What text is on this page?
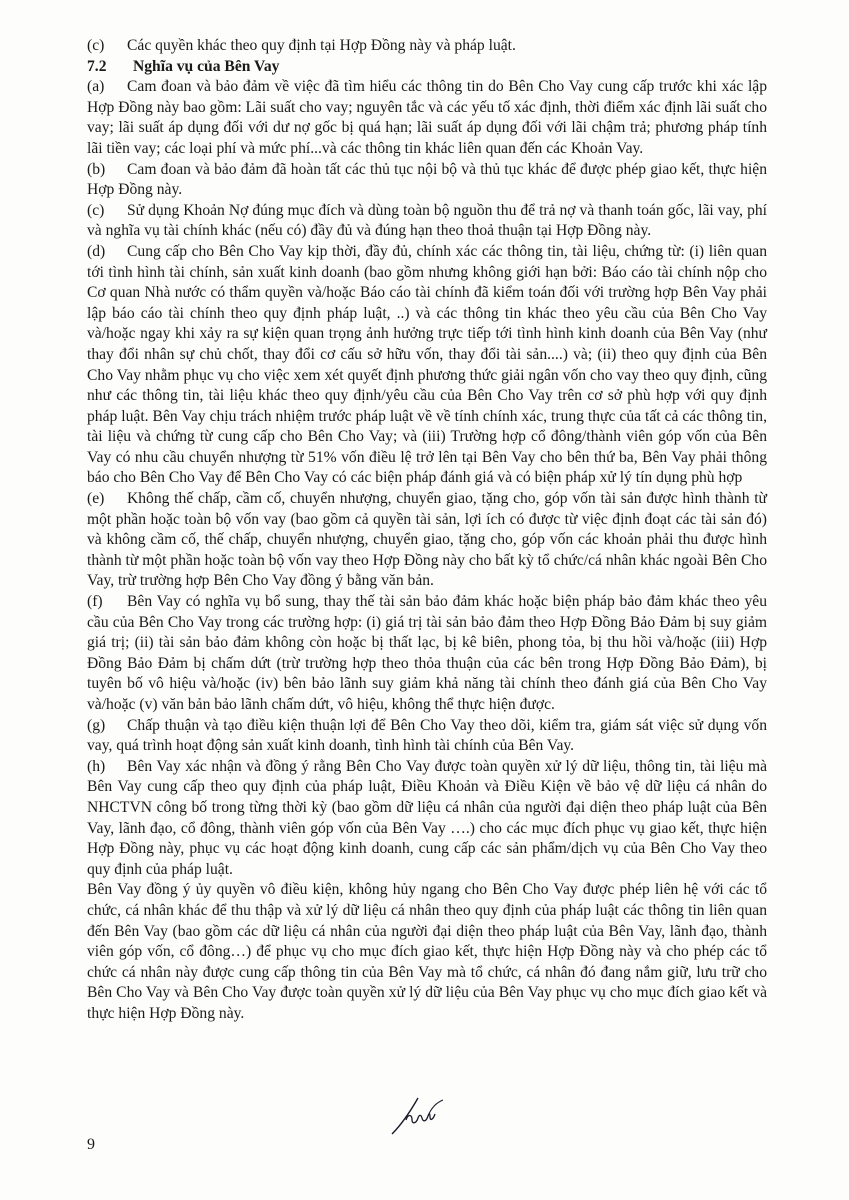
(c) Các quyền khác theo quy định tại Hợp Đồng này và pháp luật.

7.2 Nghĩa vụ của Bên Vay

(a) Cam đoan và bảo đảm về việc đã tìm hiểu các thông tin do Bên Cho Vay cung cấp trước khi xác lập Hợp Đồng này bao gồm: Lãi suất cho vay; nguyên tắc và các yếu tố xác định, thời điểm xác định lãi suất cho vay; lãi suất áp dụng đối với dư nợ gốc bị quá hạn; lãi suất áp dụng đối với lãi chậm trả; phương pháp tính lãi tiền vay; các loại phí và mức phí...và các thông tin khác liên quan đến các Khoản Vay.

(b) Cam đoan và bảo đảm đã hoàn tất các thủ tục nội bộ và thủ tục khác để được phép giao kết, thực hiện Hợp Đồng này.

(c) Sử dụng Khoản Nợ đúng mục đích và dùng toàn bộ nguồn thu để trả nợ và thanh toán gốc, lãi vay, phí và nghĩa vụ tài chính khác (nếu có) đầy đủ và đúng hạn theo thoả thuận tại Hợp Đồng này.

(d) Cung cấp cho Bên Cho Vay kịp thời, đầy đủ, chính xác các thông tin, tài liệu, chứng từ: (i) liên quan tới tình hình tài chính, sản xuất kinh doanh (bao gồm nhưng không giới hạn bởi: Báo cáo tài chính nộp cho Cơ quan Nhà nước có thẩm quyền và/hoặc Báo cáo tài chính đã kiểm toán đối với trường hợp Bên Vay phải lập báo cáo tài chính theo quy định pháp luật, ..) và các thông tin khác theo yêu cầu của Bên Cho Vay và/hoặc ngay khi xảy ra sự kiện quan trọng ảnh hưởng trực tiếp tới tình hình kinh doanh của Bên Vay (như thay đổi nhân sự chủ chốt, thay đổi cơ cấu sở hữu vốn, thay đổi tài sản....) và; (ii) theo quy định của Bên Cho Vay nhằm phục vụ cho việc xem xét quyết định phương thức giải ngân vốn cho vay theo quy định, cũng như các thông tin, tài liệu khác theo quy định/yêu cầu của Bên Cho Vay trên cơ sở phù hợp với quy định pháp luật. Bên Vay chịu trách nhiệm trước pháp luật về về tính chính xác, trung thực của tất cả các thông tin, tài liệu và chứng từ cung cấp cho Bên Cho Vay; và (iii) Trường hợp cổ đông/thành viên góp vốn của Bên Vay có nhu cầu chuyển nhượng từ 51% vốn điều lệ trở lên tại Bên Vay cho bên thứ ba, Bên Vay phải thông báo cho Bên Cho Vay để Bên Cho Vay có các biện pháp đánh giá và có biện pháp xử lý tín dụng phù hợp

(e) Không thế chấp, cầm cố, chuyển nhượng, chuyển giao, tặng cho, góp vốn tài sản được hình thành từ một phần hoặc toàn bộ vốn vay (bao gồm cả quyền tài sản, lợi ích có được từ việc định đoạt các tài sản đó) và không cầm cố, thế chấp, chuyển nhượng, chuyển giao, tặng cho, góp vốn các khoản phải thu được hình thành từ một phần hoặc toàn bộ vốn vay theo Hợp Đồng này cho bất kỳ tổ chức/cá nhân khác ngoài Bên Cho Vay, trừ trường hợp Bên Cho Vay đồng ý bằng văn bản.

(f) Bên Vay có nghĩa vụ bổ sung, thay thế tài sản bảo đảm khác hoặc biện pháp bảo đảm khác theo yêu cầu của Bên Cho Vay trong các trường hợp: (i) giá trị tài sản bảo đảm theo Hợp Đồng Bảo Đảm bị suy giảm giá trị; (ii) tài sản bảo đảm không còn hoặc bị thất lạc, bị kê biên, phong tỏa, bị thu hồi và/hoặc (iii) Hợp Đồng Bảo Đảm bị chấm dứt (trừ trường hợp theo thỏa thuận của các bên trong Hợp Đồng Bảo Đảm), bị tuyên bố vô hiệu và/hoặc (iv) bên bảo lãnh suy giảm khả năng tài chính theo đánh giá của Bên Cho Vay và/hoặc (v) văn bản bảo lãnh chấm dứt, vô hiệu, không thể thực hiện được.

(g) Chấp thuận và tạo điều kiện thuận lợi để Bên Cho Vay theo dõi, kiểm tra, giám sát việc sử dụng vốn vay, quá trình hoạt động sản xuất kinh doanh, tình hình tài chính của Bên Vay.

(h) Bên Vay xác nhận và đồng ý rằng Bên Cho Vay được toàn quyền xử lý dữ liệu, thông tin, tài liệu mà Bên Vay cung cấp theo quy định của pháp luật, Điều Khoản và Điều Kiện về bảo vệ dữ liệu cá nhân do NHCTVN công bố trong từng thời kỳ (bao gồm dữ liệu cá nhân của người đại diện theo pháp luật của Bên Vay, lãnh đạo, cổ đông, thành viên góp vốn của Bên Vay ….) cho các mục đích phục vụ giao kết, thực hiện Hợp Đồng này, phục vụ các hoạt động kinh doanh, cung cấp các sản phẩm/dịch vụ của Bên Cho Vay theo quy định của pháp luật.

Bên Vay đồng ý ủy quyền vô điều kiện, không hủy ngang cho Bên Cho Vay được phép liên hệ với các tổ chức, cá nhân khác để thu thập và xử lý dữ liệu cá nhân theo quy định của pháp luật các thông tin liên quan đến Bên Vay (bao gồm các dữ liệu cá nhân của người đại diện theo pháp luật của Bên Vay, lãnh đạo, thành viên góp vốn, cổ đông…) để phục vụ cho mục đích giao kết, thực hiện Hợp Đồng này và cho phép các tổ chức cá nhân này được cung cấp thông tin của Bên Vay mà tổ chức, cá nhân đó đang nắm giữ, lưu trữ cho Bên Cho Vay và Bên Cho Vay được toàn quyền xử lý dữ liệu của Bên Vay phục vụ cho mục đích giao kết và thực hiện Hợp Đồng này.

9
